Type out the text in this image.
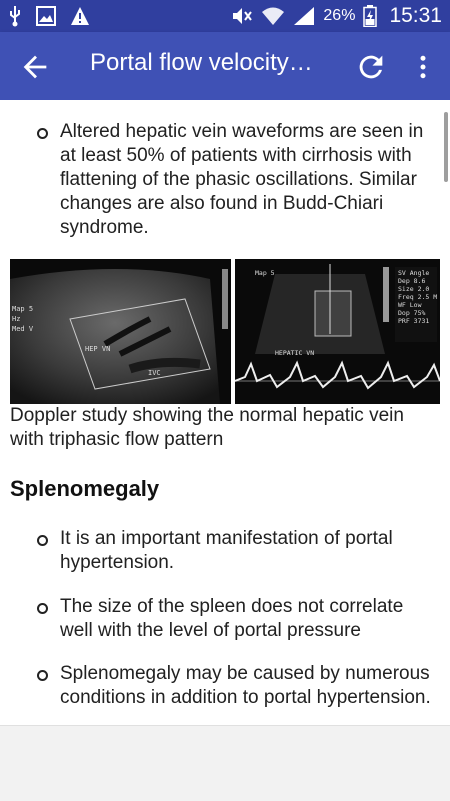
26% 15:31
Portal flow velocity…
Altered hepatic vein waveforms are seen in at least 50% of patients with cirrhosis with flattening of the phasic oscillations. Similar changes are also found in Budd-Chiari syndrome.
HEP VN
IVC
Map 5
Med V
Hz
HEPATIC VN
SV Angle
Dep 8.6
Size 2.0
Freq 2.5 M
WF Low
Dop 75%
PRF 3731
Map 5
Doppler study showing the normal hepatic vein with triphasic flow pattern
Splenomegaly
It is an important manifestation of portal hypertension.
The size of the spleen does not correlate well with the level of portal pressure
Splenomegaly may be caused by numerous conditions in addition to portal hypertension.
